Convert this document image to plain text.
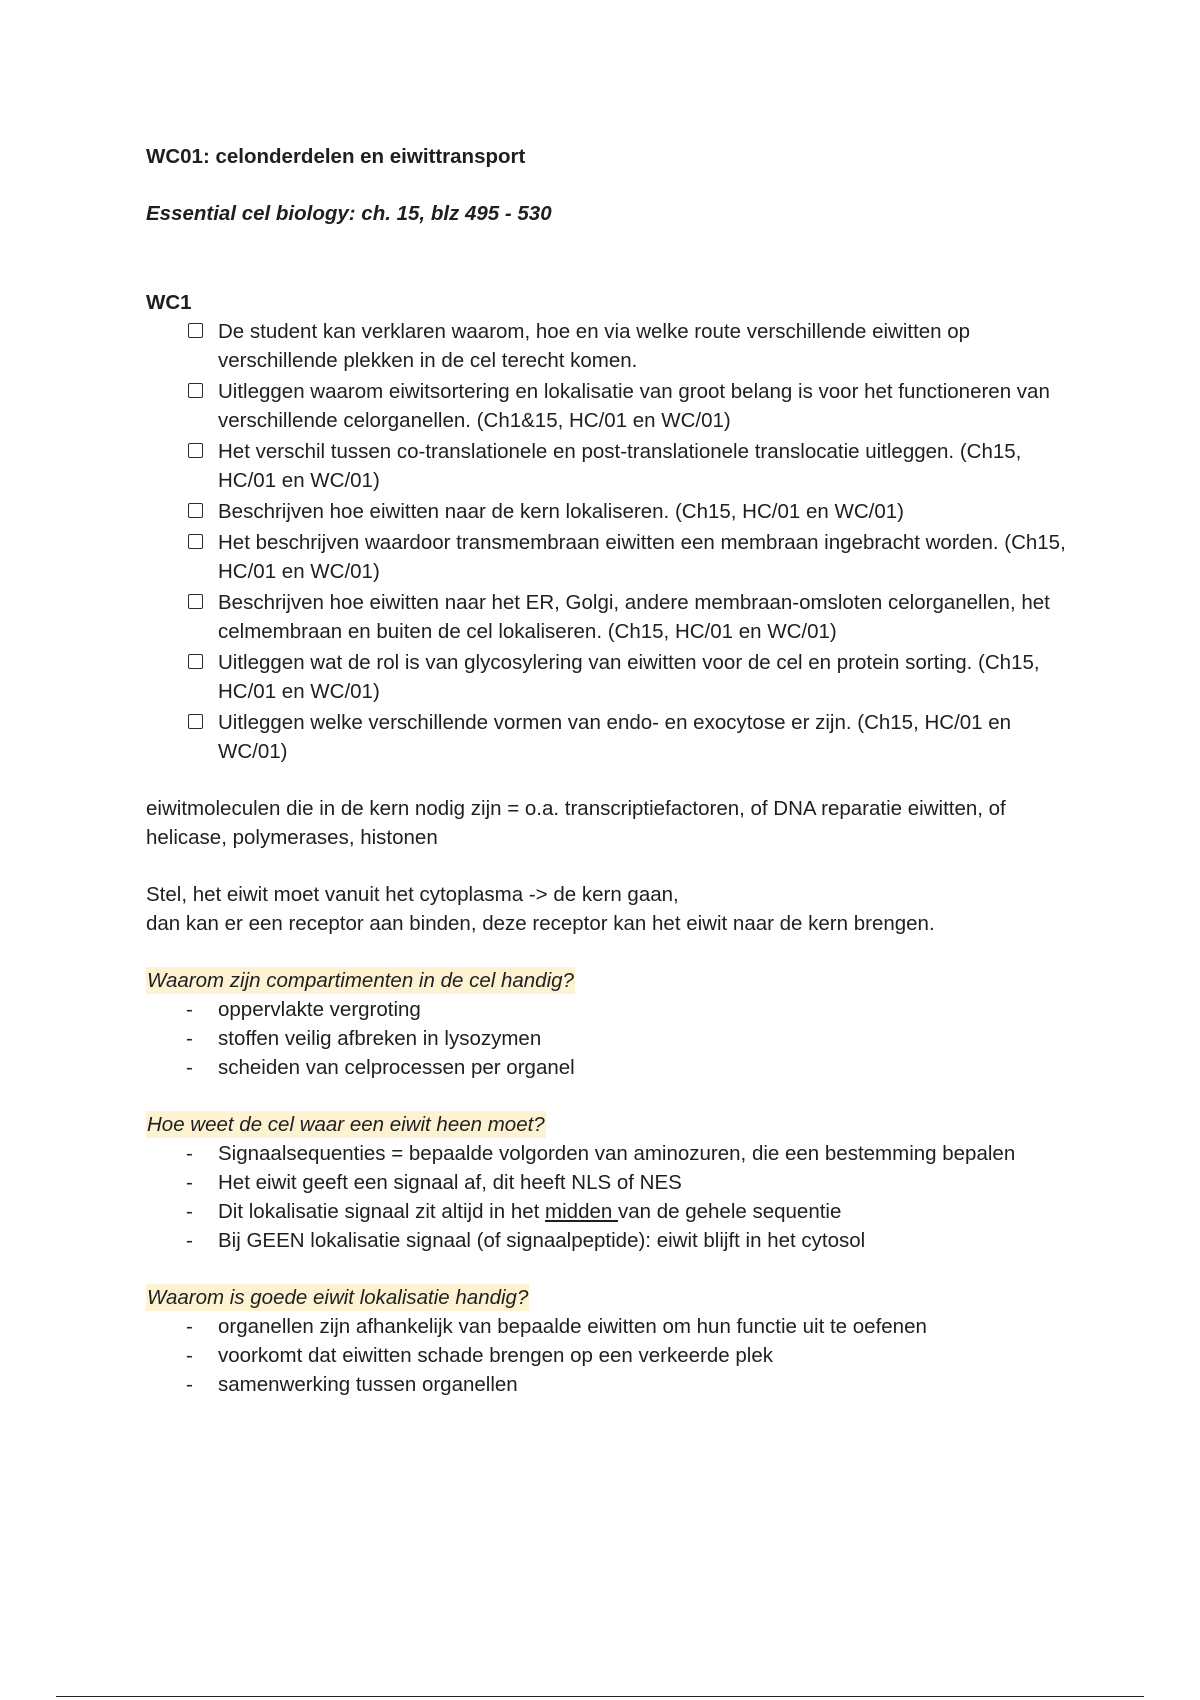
WC01: celonderdelen en eiwittransport

Essential cel biology: ch. 15, blz 495 - 530

WC1

De student kan verklaren waarom, hoe en via welke route verschillende eiwitten op verschillende plekken in de cel terecht komen.
Uitleggen waarom eiwitsortering en lokalisatie van groot belang is voor het functioneren van verschillende celorganellen. (Ch1&15, HC/01 en WC/01)
Het verschil tussen co-translationele en post-translationele translocatie uitleggen. (Ch15, HC/01 en WC/01)
Beschrijven hoe eiwitten naar de kern lokaliseren. (Ch15, HC/01 en WC/01)
Het beschrijven waardoor transmembraan eiwitten een membraan ingebracht worden. (Ch15, HC/01 en WC/01)
Beschrijven hoe eiwitten naar het ER, Golgi, andere membraan-omsloten celorganellen, het celmembraan en buiten de cel lokaliseren. (Ch15, HC/01 en WC/01)
Uitleggen wat de rol is van glycosylering van eiwitten voor de cel en protein sorting. (Ch15, HC/01 en WC/01)
Uitleggen welke verschillende vormen van endo- en exocytose er zijn. (Ch15, HC/01 en WC/01)

eiwitmoleculen die in de kern nodig zijn = o.a. transcriptiefactoren, of DNA reparatie eiwitten, of helicase, polymerases, histonen

Stel, het eiwit moet vanuit het cytoplasma -> de kern gaan,

dan kan er een receptor aan binden, deze receptor kan het eiwit naar de kern brengen.

Waarom zijn compartimenten in de cel handig?
- oppervlakte vergroting
- stoffen veilig afbreken in lysozymen
- scheiden van celprocessen per organel
Hoe weet de cel waar een eiwit heen moet?
- Signaalsequenties = bepaalde volgorden van aminozuren, die een bestemming bepalen
- Het eiwit geeft een signaal af, dit heeft NLS of NES
- Dit lokalisatie signaal zit altijd in het midden van de gehele sequentie
- Bij GEEN lokalisatie signaal (of signaalpeptide): eiwit blijft in het cytosol
Waarom is goede eiwit lokalisatie handig?
- organellen zijn afhankelijk van bepaalde eiwitten om hun functie uit te oefenen
- voorkomt dat eiwitten schade brengen op een verkeerde plek
- samenwerking tussen organellen
